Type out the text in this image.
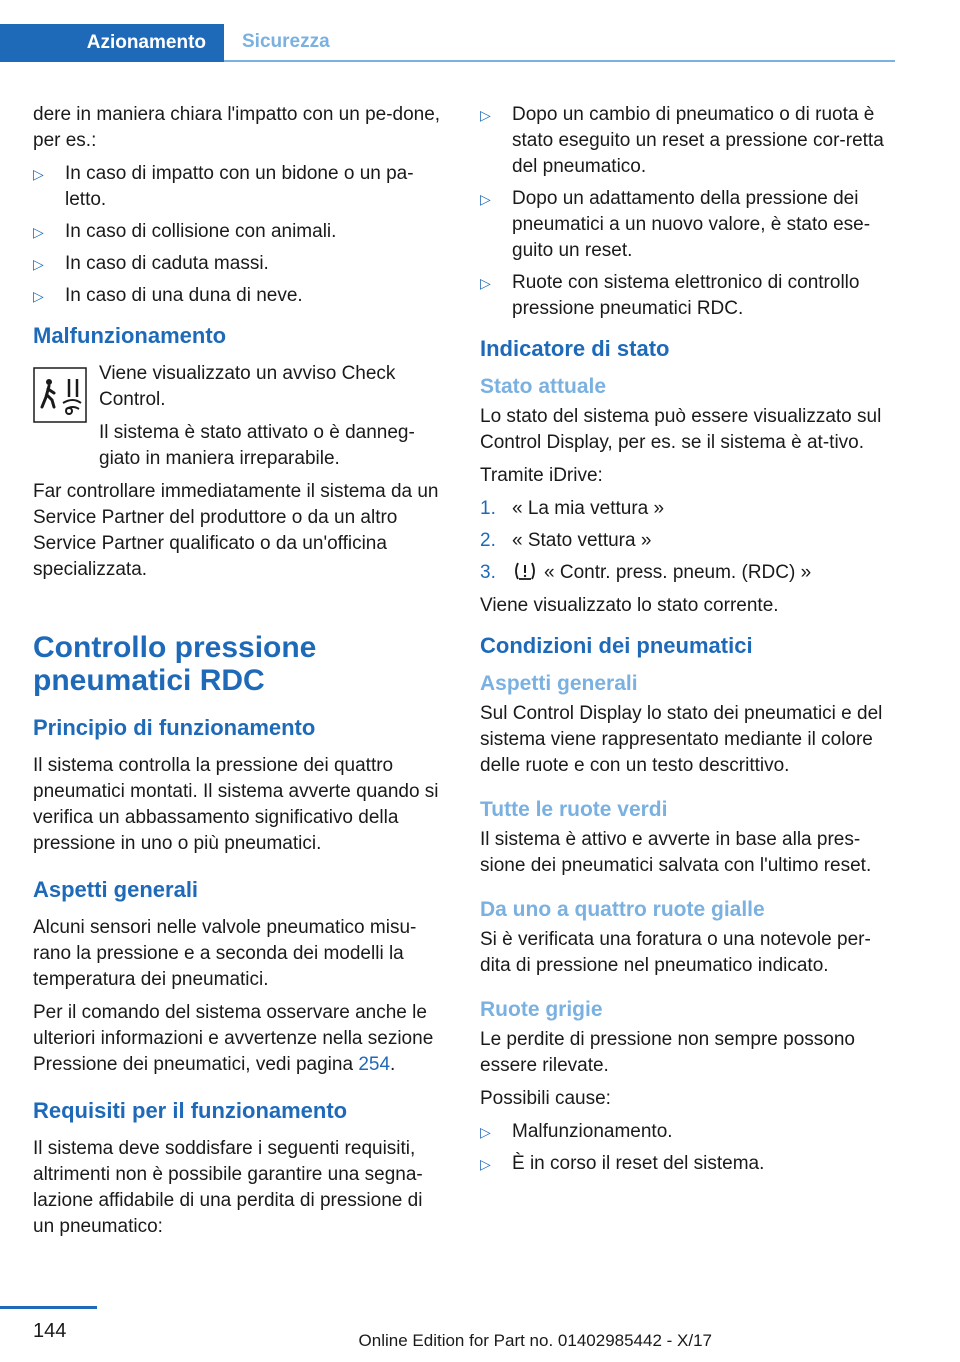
Azionamento	Sicurezza

dere in maniera chiara l'impatto con un pe-done, per es.:

▷ In caso di impatto con un bidone o un pa-letto.
▷ In caso di collisione con animali.
▷ In caso di caduta massi.
▷ In caso di una duna di neve.
Malfunzionamento

Viene visualizzato un avviso Check Control.

Il sistema è stato attivato o è danneg-giato in maniera irreparabile.

Far controllare immediatamente il sistema da un Service Partner del produttore o da un altro Service Partner qualificato o da un'officina specializzata.

Controllo pressione pneumatici RDC
Principio di funzionamento

Il sistema controlla la pressione dei quattro pneumatici montati. Il sistema avverte quando si verifica un abbassamento significativo della pressione in uno o più pneumatici.

Aspetti generali

Alcuni sensori nelle valvole pneumatico misu-rano la pressione e a seconda dei modelli la temperatura dei pneumatici.

Per il comando del sistema osservare anche le ulteriori informazioni e avvertenze nella sezione Pressione dei pneumatici, vedi pagina 254.

Requisiti per il funzionamento

Il sistema deve soddisfare i seguenti requisiti, altrimenti non è possibile garantire una segna-lazione affidabile di una perdita di pressione di un pneumatico:

▷ Dopo un cambio di pneumatico o di ruota è stato eseguito un reset a pressione cor-retta del pneumatico.
▷ Dopo un adattamento della pressione dei pneumatici a un nuovo valore, è stato ese-guito un reset.
▷ Ruote con sistema elettronico di controllo pressione pneumatici RDC.
Indicatore di stato
Stato attuale

Lo stato del sistema può essere visualizzato sul Control Display, per es. se il sistema è at-tivo.

Tramite iDrive:

1. « La mia vettura »
2. « Stato vettura »
3.	« Contr. press. pneum. (RDC) »

Viene visualizzato lo stato corrente.

Condizioni dei pneumatici
Aspetti generali

Sul Control Display lo stato dei pneumatici e del sistema viene rappresentato mediante il colore delle ruote e con un testo descrittivo.

Tutte le ruote verdi

Il sistema è attivo e avverte in base alla pres-sione dei pneumatici salvata con l'ultimo reset.

Da uno a quattro ruote gialle

Si è verificata una foratura o una notevole per-dita di pressione nel pneumatico indicato.

Ruote grigie

Le perdite di pressione non sempre possono essere rilevate.

Possibili cause:

▷ Malfunzionamento.
▷ È in corso il reset del sistema.
144	Online Edition for Part no. 01402985442 - X/17
